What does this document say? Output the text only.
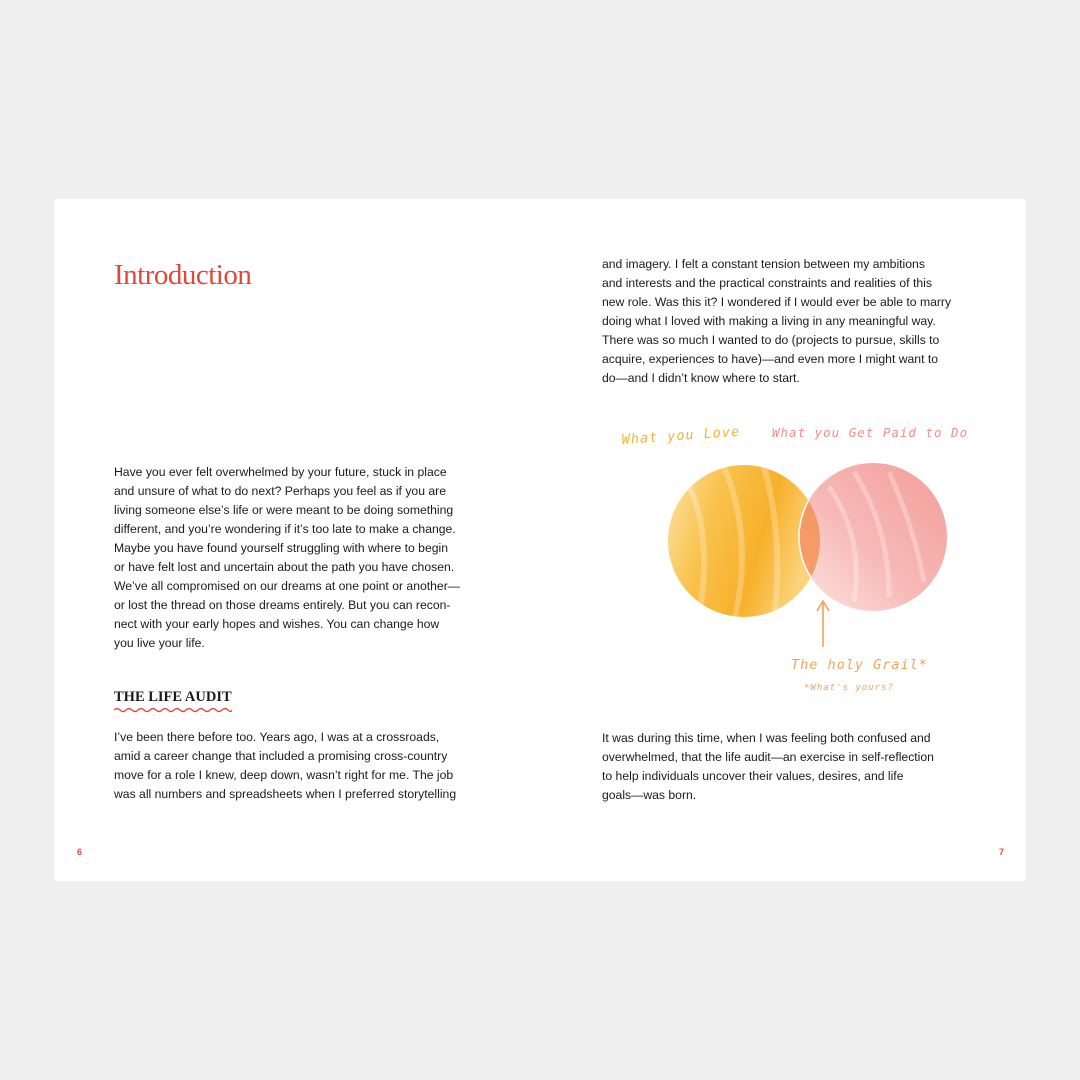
Introduction

Have you ever felt overwhelmed by your future, stuck in place
and unsure of what to do next? Perhaps you feel as if you are
living someone else’s life or were meant to be doing something
different, and you’re wondering if it’s too late to make a change.
Maybe you have found yourself struggling with where to begin
or have felt lost and uncertain about the path you have chosen.
We’ve all compromised on our dreams at one point or another—
or lost the thread on those dreams entirely. But you can recon-
nect with your early hopes and wishes. You can change how
you live your life.

THE LIFE AUDIT

I’ve been there before too. Years ago, I was at a crossroads,
amid a career change that included a promising cross-country
move for a role I knew, deep down, wasn’t right for me. The job
was all numbers and spreadsheets when I preferred storytelling

6

and imagery. I felt a constant tension between my ambitions
and interests and the practical constraints and realities of this
new role. Was this it? I wondered if I would ever be able to marry
doing what I loved with making a living in any meaningful way.
There was so much I wanted to do (projects to pursue, skills to
acquire, experiences to have)—and even more I might want to
do—and I didn’t know where to start.

What you Love	What you Get Paid to Do
The holy Grail*
*What's yours?

It was during this time, when I was feeling both confused and
overwhelmed, that the life audit—an exercise in self-reflection
to help individuals uncover their values, desires, and life
goals—was born.

7
